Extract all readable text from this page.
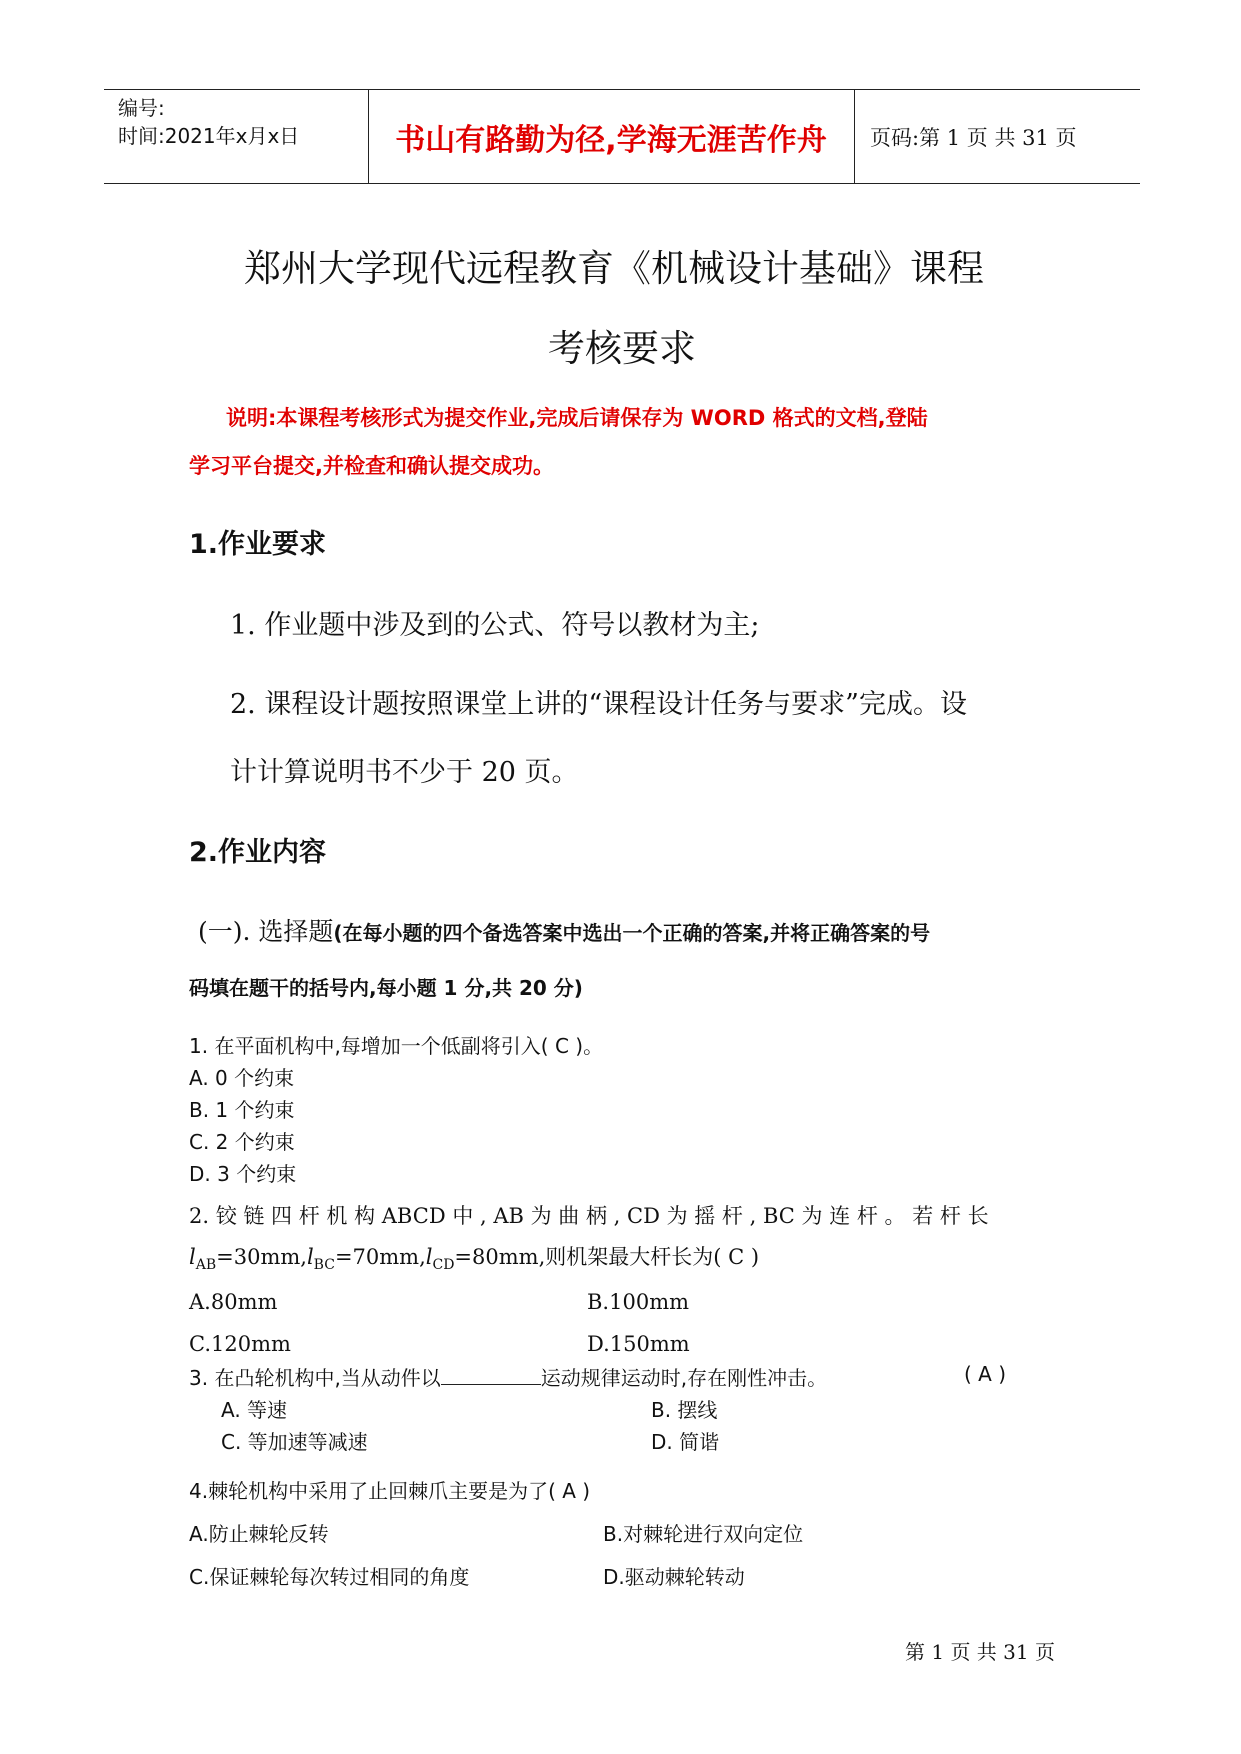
编号:
时间:2021年x月x日	书山有路勤为径,学海无涯苦作舟	页码:第 1 页 共 31 页
郑州大学现代远程教育《机械设计基础》课程
考核要求
说明:本课程考核形式为提交作业,完成后请保存为 WORD 格式的文档,登陆
学习平台提交,并检查和确认提交成功。
1.作业要求
1. 作业题中涉及到的公式、符号以教材为主;
2. 课程设计题按照课堂上讲的“课程设计任务与要求”完成。设
计计算说明书不少于 20 页。
2.作业内容
(一). 选择题(在每小题的四个备选答案中选出一个正确的答案,并将正确答案的号
码填在题干的括号内,每小题 1 分,共 20 分)
1. 在平面机构中,每增加一个低副将引入( C )。
A. 0 个约束
B. 1 个约束
C. 2 个约束
D. 3 个约束
2. 铰 链 四 杆 机 构 ABCD 中 , AB 为 曲 柄 , CD 为 摇 杆 , BC 为 连 杆 。 若 杆 长
$l_{AB}=30mm,l_{BC}=70mm,l_{CD}=80mm$,则机架最大杆长为( C )
A.80mm	B.100mm
C.120mm	D.150mm
3. 在凸轮机构中,当从动件以	运动规律运动时,存在刚性冲击。	( A )
A. 等速	B. 摆线
C. 等加速等减速	D. 简谐
4.棘轮机构中采用了止回棘爪主要是为了( A )
A.防止棘轮反转	B.对棘轮进行双向定位
C.保证棘轮每次转过相同的角度	D.驱动棘轮转动
第 1 页 共 31 页
